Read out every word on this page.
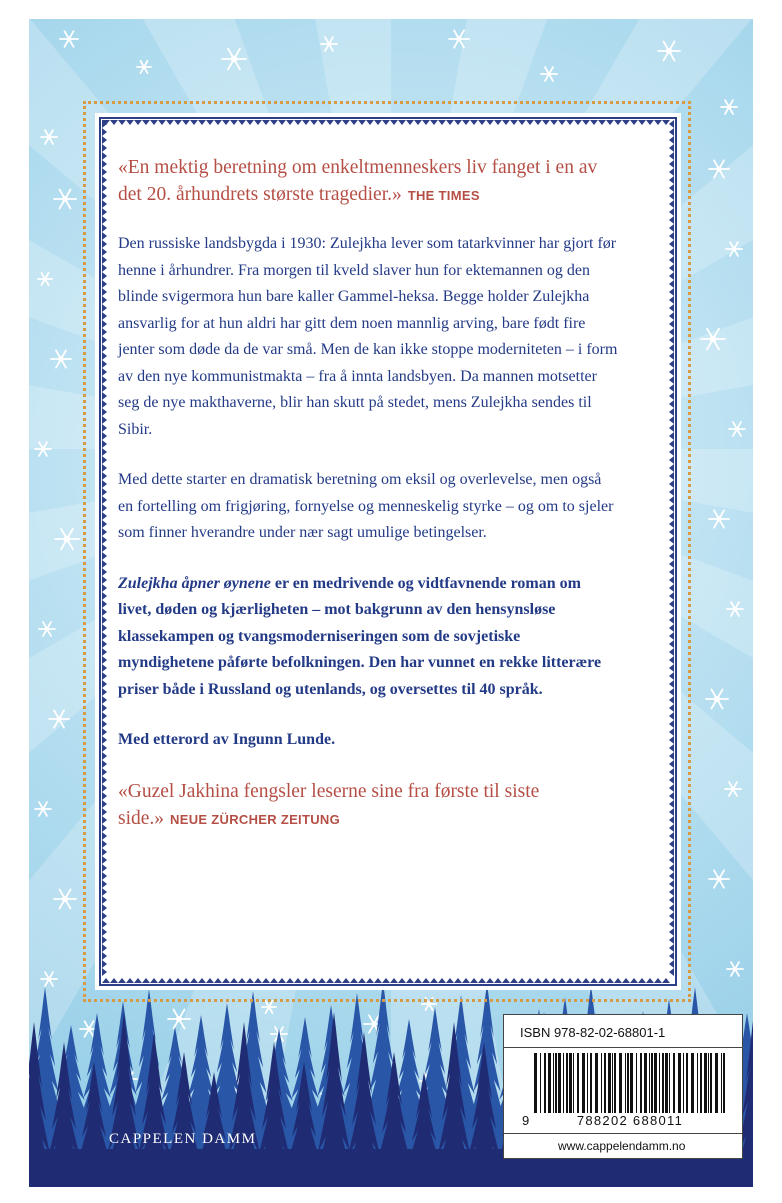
CAPPELEN DAMM
ISBN 978-82-02-68801-1
9	788202 688011
www.cappelendamm.no

«En mektig beretning om enkeltmenneskers liv fanget i en av det 20. århundrets største tragedier.» THE TIMES

Den russiske landsbygda i 1930: Zulejkha lever som tatarkvinner har gjort før henne i århundrer. Fra morgen til kveld slaver hun for ektemannen og den blinde svigermora hun bare kaller Gammel-heksa. Begge holder Zulejkha ansvarlig for at hun aldri har gitt dem noen mannlig arving, bare født fire jenter som døde da de var små. Men de kan ikke stoppe moderniteten – i form av den nye kommunistmakta – fra å innta landsbyen. Da mannen motsetter seg de nye makthaverne, blir han skutt på stedet, mens Zulejkha sendes til Sibir.

Med dette starter en dramatisk beretning om eksil og overlevelse, men også en fortelling om frigjøring, fornyelse og menneskelig styrke – og om to sjeler som finner hverandre under nær sagt umulige betingelser.

Zulejkha åpner øynene er en medrivende og vidtfavnende roman om livet, døden og kjærligheten – mot bakgrunn av den hensynsløse klassekampen og tvangsmoderniseringen som de sovjetiske myndighetene påførte befolkningen. Den har vunnet en rekke litterære priser både i Russland og utenlands, og oversettes til 40 språk.

Med etterord av Ingunn Lunde.

«Guzel Jakhina fengsler leserne sine fra første til siste side.» NEUE ZÜRCHER ZEITUNG
